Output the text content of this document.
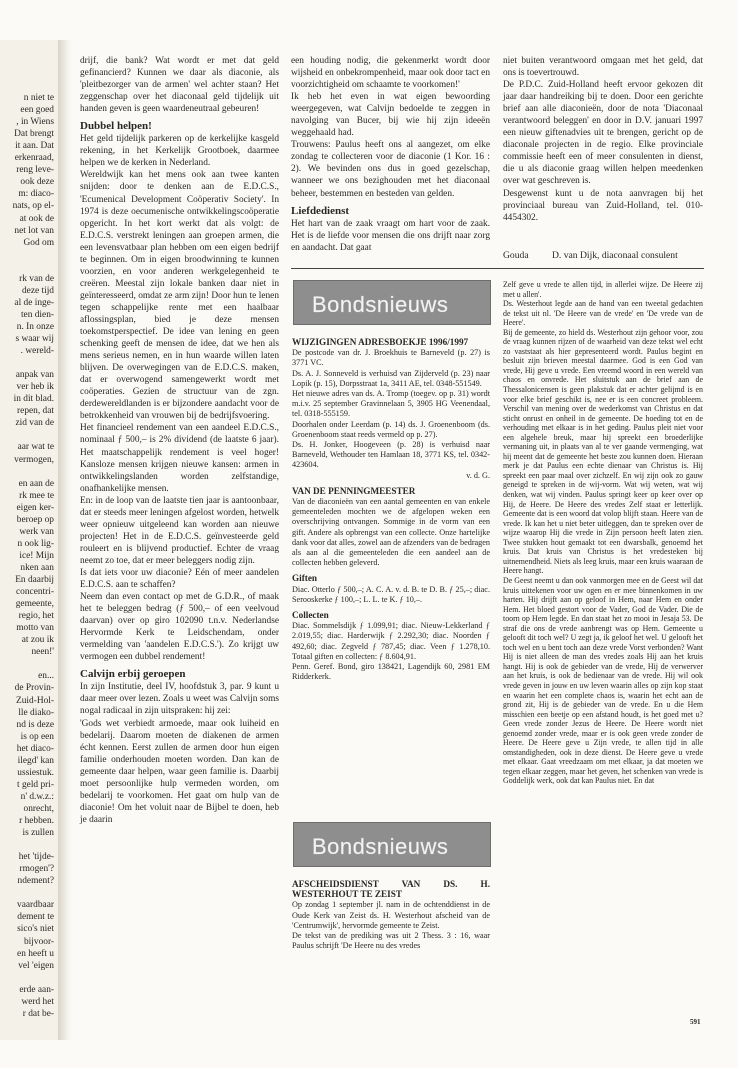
n niet te
een goed
, in Wiens
Dat brengt
it aan. Dat
erkenraad,
reng leve-
ook deze
m: diaco-
nats, op el-
at ook de
net lot van
God om
rk van de
deze tijd
al de inge-
ten dien-
n. In onze
s waar wij
. wereld-
anpak van
ver heb ik
in dit blad.
repen, dat
zid van de
aar wat te
vermogen,
en aan de
rk mee te
eigen ker-
beroep op
werk van
n ook lig-
ice! Mijn
nken aan
En daarbij
concentri-
gemeente,
regio, het
motto van
at zou ik
neen!'
en...
de Provin-
Zuid-Hol-
lle diako-
nd is deze
is op een
het diaco-
ilegd' kan
ussiestuk.
t geld pri-
n' d.w.z.:
onrecht,
r hebben.
is zullen
het 'tijde-
rmogen'?
ndement?
vaardbaar
dement te
sico's niet
bijvoor-
en heeft u
vel 'eigen
erde aan-
werd het
r dat be-

drijf, die bank? Wat wordt er met dat geld gefinancierd? Kunnen we daar als diaconie, als 'pleitbezorger van de armen' wel achter staan? Het zeggenschap over het diaconaal geld tijdelijk uit handen geven is geen waardeneutraal gebeuren!

Dubbel helpen!

Het geld tijdelijk parkeren op de kerkelijke kasgeld rekening, in het Kerkelijk Grootboek, daarmee helpen we de kerken in Nederland.

Wereldwijk kan het mens ook aan twee kanten snijden: door te denken aan de E.D.C.S., 'Ecumenical Development Coöperativ Society'. In 1974 is deze oecumenische ontwikkelingscoöperatie opgericht. In het kort werkt dat als volgt: de E.D.C.S. verstrekt leningen aan groepen armen, die een levensvatbaar plan hebben om een eigen bedrijf te beginnen. Om in eigen broodwinning te kunnen voorzien, en voor anderen werkgelegenheid te creëren. Meestal zijn lokale banken daar niet in geïnteresseerd, omdat ze arm zijn! Door hun te lenen tegen schappelijke rente met een haalbaar aflossingsplan, bied je deze mensen toekomstperspectief. De idee van lening en geen schenking geeft de mensen de idee, dat we hen als mens serieus nemen, en in hun waarde willen laten blijven. De overwegingen van de E.D.C.S. maken, dat er overwogend samengewerkt wordt met coöperaties. Gezien de structuur van de zgn. derdewereldlanden is er bijzondere aandacht voor de betrokkenheid van vrouwen bij de bedrijfsvoering.

Het financieel rendement van een aandeel E.D.C.S., nominaal ƒ 500,– is 2% dividend (de laatste 6 jaar). Het maatschappelijk rendement is veel hoger! Kansloze mensen krijgen nieuwe kansen: armen in ontwikkelingslanden worden zelfstandige, onafhankelijke mensen.

En: in de loop van de laatste tien jaar is aantoonbaar, dat er steeds meer leningen afgelost worden, hetwelk weer opnieuw uitgeleend kan worden aan nieuwe projecten! Het in de E.D.C.S. geïnvesteerde geld rouleert en is blijvend productief. Echter de vraag neemt zo toe, dat er meer beleggers nodig zijn.

Is dat iets voor uw diaconie? Eén of meer aandelen E.D.C.S. aan te schaffen?

Neem dan even contact op met de G.D.R., of maak het te beleggen bedrag (ƒ 500,– of een veelvoud daarvan) over op giro 102090 t.n.v. Nederlandse Hervormde Kerk te Leidschendam, onder vermelding van 'aandelen E.D.C.S.'). Zo krijgt uw vermogen een dubbel rendement!

Calvijn erbij geroepen

In zijn Institutie, deel IV, hoofdstuk 3, par. 9 kunt u daar meer over lezen. Zoals u weet was Calvijn soms nogal radicaal in zijn uitspraken: hij zei:

'Gods wet verbiedt armoede, maar ook luiheid en bedelarij. Daarom moeten de diakenen de armen écht kennen. Eerst zullen de armen door hun eigen familie onderhouden moeten worden. Dan kan de gemeente daar helpen, waar geen familie is. Daarbij moet persoonlijke hulp vermeden worden, om bedelarij te voorkomen. Het gaat om hulp van de diaconie! Om het voluit naar de Bijbel te doen, heb je daarin

een houding nodig, die gekenmerkt wordt door wijsheid en onbekrompenheid, maar ook door tact en voorzichtigheid om schaamte te voorkomen!'

Ik heb het even in wat eigen bewoording weergegeven, wat Calvijn bedoelde te zeggen in navolging van Bucer, bij wie hij zijn ideeën weggehaald had.

Trouwens: Paulus heeft ons al aangezet, om elke zondag te collecteren voor de diaconie (1 Kor. 16 : 2). We bevinden ons dus in goed gezelschap, wanneer we ons bezighouden met het diaconaal beheer, bestemmen en besteden van gelden.

Liefdedienst

Het hart van de zaak vraagt om hart voor de zaak. Het is de liefde voor mensen die ons drijft naar zorg en aandacht. Dat gaat

niet buiten verantwoord omgaan met het geld, dat ons is toevertrouwd.

De P.D.C. Zuid-Holland heeft ervoor gekozen dit jaar daar handreiking bij te doen. Door een gerichte brief aan alle diaconieën, door de nota 'Diaconaal verantwoord beleggen' en door in D.V. januari 1997 een nieuw giftenadvies uit te brengen, gericht op de diaconale projecten in de regio. Elke provinciale commissie heeft een of meer consulenten in dienst, die u als diaconie graag willen helpen meedenken over wat geschreven is.

Desgewenst kunt u de nota aanvragen bij het provinciaal bureau van Zuid-Holland, tel. 010-4454302.

Gouda D. van Dijk, diaconaal consulent
Bondsnieuws
WIJZIGINGEN ADRESBOEKJE 1996/1997

De postcode van dr. J. Broekhuis te Barneveld (p. 27) is 3771 VC.

Ds. A. J. Sonneveld is verhuisd van Zijderveld (p. 23) naar Lopik (p. 15), Dorpsstraat 1a, 3411 AE, tel. 0348-551549.

Het nieuwe adres van ds. A. Tromp (toegev. op p. 31) wordt m.i.v. 25 september Gravinnelaan 5, 3905 HG Veenendaal, tel. 0318-555159.

Doorhalen onder Leerdam (p. 14) ds. J. Groenenboom (ds. Groenenboom staat reeds vermeld op p. 27).

Ds. H. Jonker, Hoogeveen (p. 28) is verhuisd naar Barneveld, Wethouder ten Hamlaan 18, 3771 KS, tel. 0342-423604.

v. d. G.

VAN DE PENNINGMEESTER

Van de diaconieën van een aantal gemeenten en van enkele gemeenteleden mochten we de afgelopen weken een overschrijving ontvangen. Sommige in de vorm van een gift. Andere als opbrengst van een collecte. Onze hartelijke dank voor dat alles, zowel aan de afzenders van de bedragen als aan al die gemeenteleden die een aandeel aan de collecten hebben geleverd.

Giften

Diac. Otterlo ƒ 500,–; A. C. A. v. d. B. te D. B. ƒ 25,–; diac. Serooskerke ƒ 100,–; L. L. te K. ƒ 10,–.

Collecten

Diac. Sommelsdijk ƒ 1.099,91; diac. Nieuw-Lekkerland ƒ 2.019,55; diac. Harderwijk ƒ 2.292,30; diac. Noorden ƒ 492,60; diac. Zegveld ƒ 787,45; diac. Veen ƒ 1.278,10. Totaal giften en collecten: ƒ 8.604,91.

Penn. Geref. Bond, giro 138421, Lagendijk 60, 2981 EM Ridderkerk.

Bondsnieuws
AFSCHEIDSDIENST VAN DS. H. WESTERHOUT TE ZEIST

Op zondag 1 september jl. nam in de ochtenddienst in de Oude Kerk van Zeist ds. H. Westerhout afscheid van de 'Centrumwijk', hervormde gemeente te Zeist.

De tekst van de prediking was uit 2 Thess. 3 : 16, waar Paulus schrijft 'De Heere nu des vredes

Zelf geve u vrede te allen tijd, in allerlei wijze. De Heere zij met u allen'.

Ds. Westerhout legde aan de hand van een tweetal gedachten de tekst uit nl. 'De Heere van de vrede' en 'De vrede van de Heere'.

Bij de gemeente, zo hield ds. Westerhout zijn gehoor voor, zou de vraag kunnen rijzen of de waarheid van deze tekst wel echt zo vaststaat als hier gepresenteerd wordt. Paulus begint en besluit zijn brieven meestal daarmee. God is een God van vrede, Hij geve u vrede. Een vreemd woord in een wereld van chaos en onvrede. Het sluitstuk aan de brief aan de Thessalonicensen is geen plakstuk dat er achter gelijmd is en voor elke brief geschikt is, nee er is een concreet probleem. Verschil van mening over de wederkomst van Christus en dat sticht onrust en onheil in de gemeente. De hoeding tot en de verhouding met elkaar is in het geding. Paulus pleit niet voor een algehele breuk, maar hij spreekt een broederlijke vermaning uit, in plaats van al te ver gaande vermenging, wat hij meent dat de gemeente het beste zou kunnen doen. Hieraan merk je dat Paulus een echte dienaar van Christus is. Hij spreekt een paar maal over zichzelf. En wij zijn ook zo gauw geneigd te spreken in de wij-vorm. Wat wij weten, wat wij denken, wat wij vinden. Paulus springt keer op keer over op Hij, de Heere. De Heere des vredes Zelf staat er letterlijk. Gemeente dat is een woord dat volop blijft staan. Heere van de vrede. Ik kan het u niet beter uitleggen, dan te spreken over de wijze waarop Hij die vrede in Zijn persoon heeft laten zien. Twee stukken hout gemaakt tot een dwarsbalk, genoemd het kruis. Dat kruis van Christus is het vredesteken bij uitnemendheid. Niets als leeg kruis, maar een kruis waaraan de Heere hangt.

De Geest neemt u dan ook vanmorgen mee en de Geest wil dat kruis uittekenen voor uw ogen en er mee binnenkomen in uw harten. Hij drijft aan op geloof in Hem, naar Hem en onder Hem. Het bloed gestort voor de Vader, God de Vader. Die de toorn op Hem legde. En dan staat het zo mooi in Jesaja 53. De straf die ons de vrede aanbrengt was op Hem. Gemeente u gelooft dit toch wel? U zegt ja, ik geloof het wel. U gelooft het toch wel en u bent toch aan deze vrede Vorst verbonden? Want Hij is niet alleen de man des vredes zoals Hij aan het kruis hangt. Hij is ook de gebieder van de vrede, Hij de verwerver aan het kruis, is ook de bedienaar van de vrede. Hij wil ook vrede geven in jouw en uw leven waarin alles op zijn kop staat en waarin het een complete chaos is, waarin het echt aan de grond zit, Hij is de gebieder van de vrede. En u die Hem misschien een beetje op een afstand houdt, is het goed met u? Geen vrede zonder Jezus de Heere. De Heere wordt niet genoemd zonder vrede, maar er is ook geen vrede zonder de Heere. De Heere geve u Zijn vrede, te allen tijd in alle omstandigheden, ook in deze dienst. De Heere geve u vrede met elkaar. Gaat vreedzaam om met elkaar, ja dat moeten we tegen elkaar zeggen, maar het geven, het schenken van vrede is Goddelijk werk, ook dat kan Paulus niet. En dat

591
